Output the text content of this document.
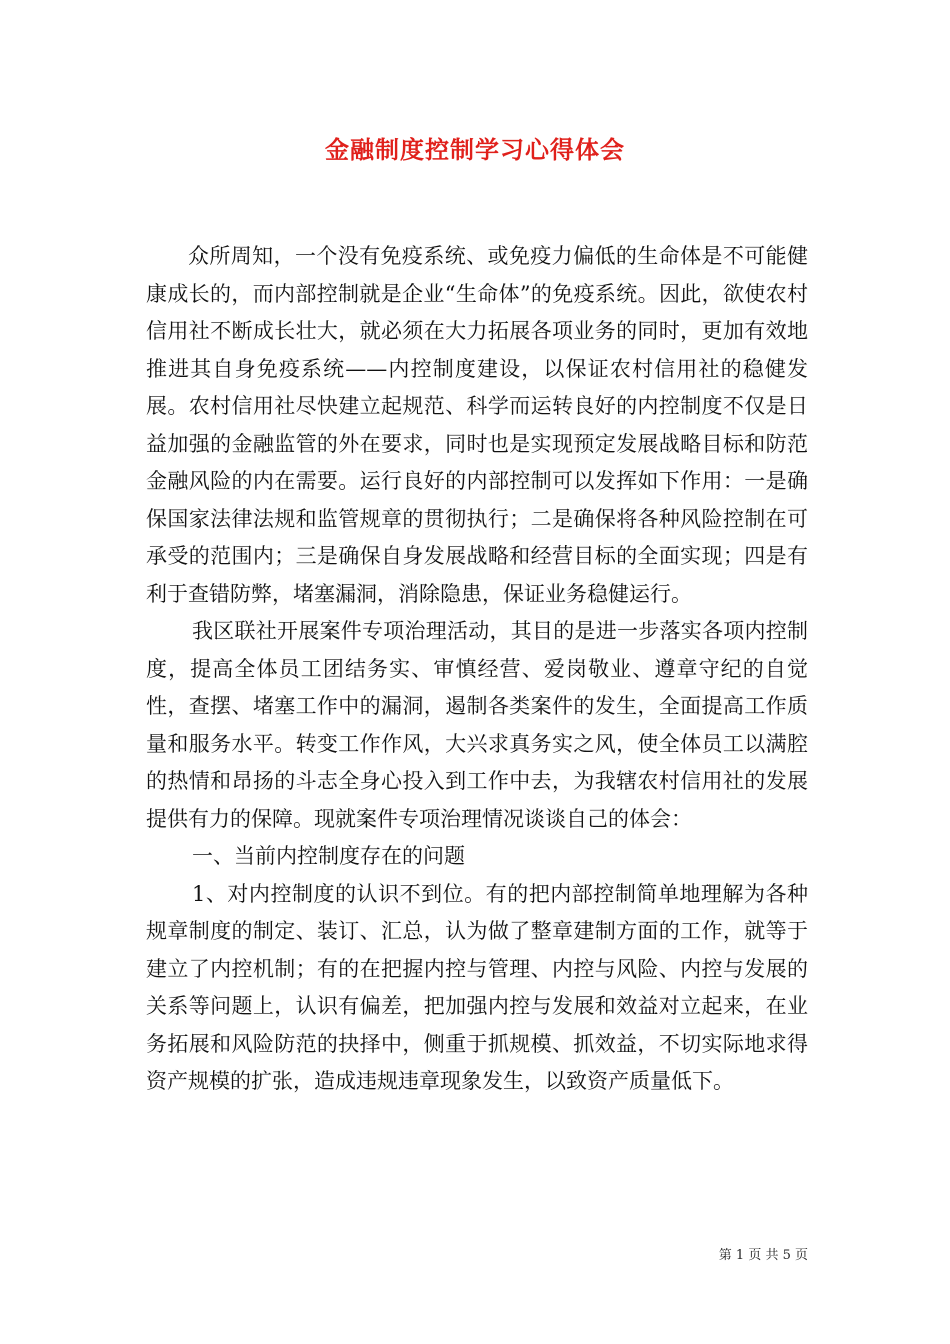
金融制度控制学习心得体会

众所周知，一个没有免疫系统、或免疫力偏低的生命体是不可能健康成长的，而内部控制就是企业“生命体”的免疫系统。因此，欲使农村信用社不断成长壮大，就必须在大力拓展各项业务的同时，更加有效地推进其自身免疫系统——内控制度建设，以保证农村信用社的稳健发展。农村信用社尽快建立起规范、科学而运转良好的内控制度不仅是日益加强的金融监管的外在要求，同时也是实现预定发展战略目标和防范金融风险的内在需要。运行良好的内部控制可以发挥如下作用：一是确保国家法律法规和监管规章的贯彻执行；二是确保将各种风险控制在可承受的范围内；三是确保自身发展战略和经营目标的全面实现；四是有利于查错防弊，堵塞漏洞，消除隐患，保证业务稳健运行。

我区联社开展案件专项治理活动，其目的是进一步落实各项内控制度，提高全体员工团结务实、审慎经营、爱岗敬业、遵章守纪的自觉性，查摆、堵塞工作中的漏洞，遏制各类案件的发生，全面提高工作质量和服务水平。转变工作作风，大兴求真务实之风，使全体员工以满腔的热情和昂扬的斗志全身心投入到工作中去，为我辖农村信用社的发展提供有力的保障。现就案件专项治理情况谈谈自己的体会：

一、当前内控制度存在的问题

1、对内控制度的认识不到位。有的把内部控制简单地理解为各种规章制度的制定、装订、汇总，认为做了整章建制方面的工作，就等于建立了内控机制；有的在把握内控与管理、内控与风险、内控与发展的关系等问题上，认识有偏差，把加强内控与发展和效益对立起来，在业务拓展和风险防范的抉择中，侧重于抓规模、抓效益，不切实际地求得资产规模的扩张，造成违规违章现象发生，以致资产质量低下。

第 1 页 共 5 页
